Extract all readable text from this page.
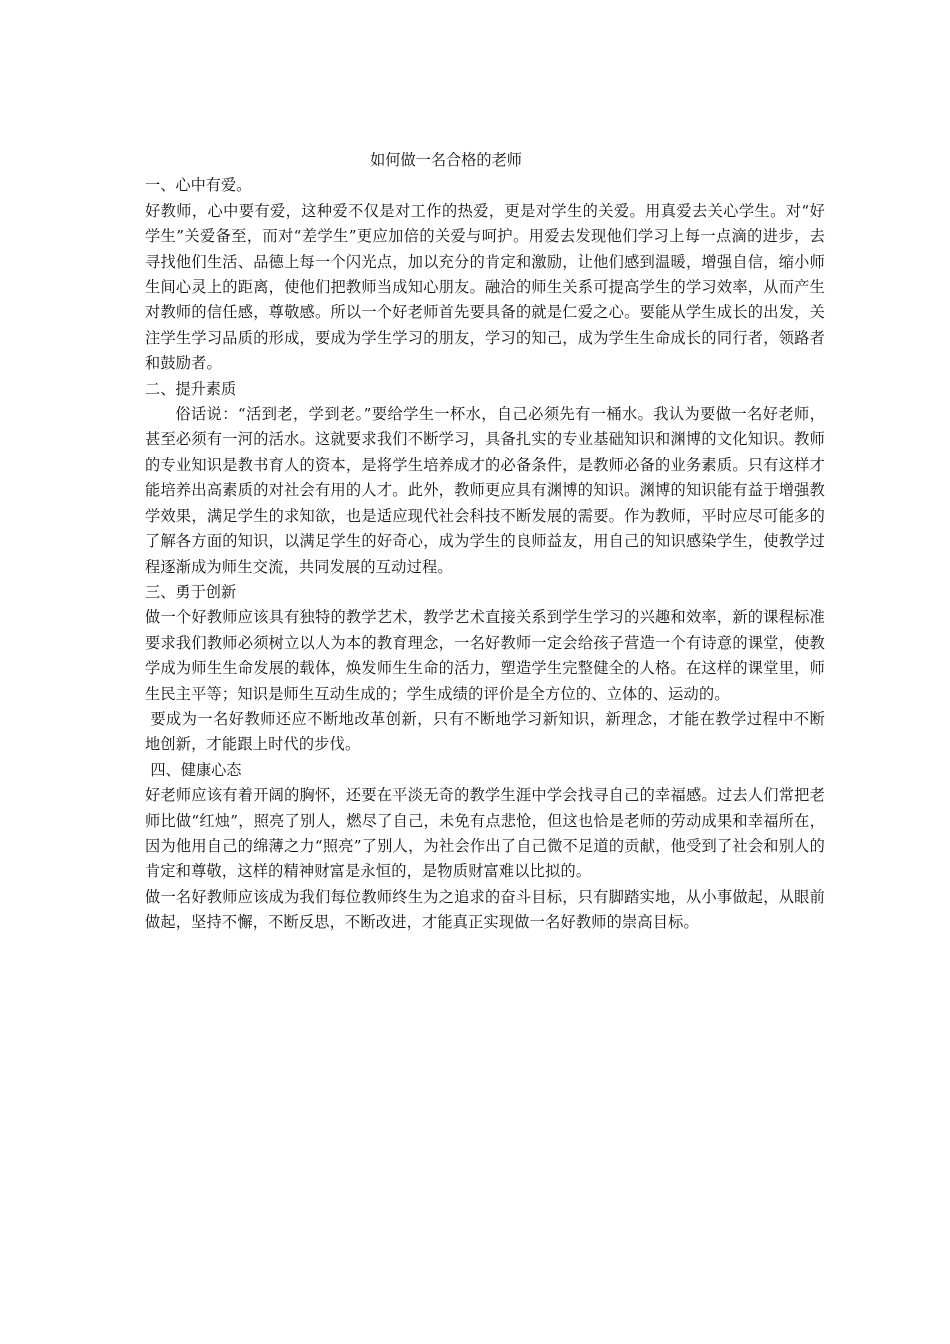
如何做一名合格的老师

一、心中有爱。

好教师，心中要有爱，这种爱不仅是对工作的热爱，更是对学生的关爱。用真爱去关心学生。对“好学生”关爱备至，而对“差学生”更应加倍的关爱与呵护。用爱去发现他们学习上每一点滴的进步，去寻找他们生活、品德上每一个闪光点，加以充分的肯定和激励，让他们感到温暖，增强自信，缩小师生间心灵上的距离，使他们把教师当成知心朋友。融洽的师生关系可提高学生的学习效率，从而产生对教师的信任感，尊敬感。所以一个好老师首先要具备的就是仁爱之心。要能从学生成长的出发，关注学生学习品质的形成，要成为学生学习的朋友，学习的知己，成为学生生命成长的同行者，领路者和鼓励者。

二、提升素质

俗话说：“活到老，学到老。”要给学生一杯水，自己必须先有一桶水。我认为要做一名好老师，甚至必须有一河的活水。这就要求我们不断学习，具备扎实的专业基础知识和渊博的文化知识。教师的专业知识是教书育人的资本，是将学生培养成才的必备条件，是教师必备的业务素质。只有这样才能培养出高素质的对社会有用的人才。此外，教师更应具有渊博的知识。渊博的知识能有益于增强教学效果，满足学生的求知欲，也是适应现代社会科技不断发展的需要。作为教师，平时应尽可能多的了解各方面的知识，以满足学生的好奇心，成为学生的良师益友，用自己的知识感染学生，使教学过程逐渐成为师生交流，共同发展的互动过程。

三、勇于创新

做一个好教师应该具有独特的教学艺术，教学艺术直接关系到学生学习的兴趣和效率，新的课程标准要求我们教师必须树立以人为本的教育理念，一名好教师一定会给孩子营造一个有诗意的课堂，使教学成为师生生命发展的载体，焕发师生生命的活力，塑造学生完整健全的人格。在这样的课堂里，师生民主平等；知识是师生互动生成的；学生成绩的评价是全方位的、立体的、运动的。

要成为一名好教师还应不断地改革创新，只有不断地学习新知识，新理念，才能在教学过程中不断地创新，才能跟上时代的步伐。

四、健康心态

好老师应该有着开阔的胸怀，还要在平淡无奇的教学生涯中学会找寻自己的幸福感。过去人们常把老师比做“红烛”，照亮了别人，燃尽了自己，未免有点悲怆，但这也恰是老师的劳动成果和幸福所在，因为他用自己的绵薄之力“照亮”了别人，为社会作出了自己微不足道的贡献，他受到了社会和别人的肯定和尊敬，这样的精神财富是永恒的，是物质财富难以比拟的。

做一名好教师应该成为我们每位教师终生为之追求的奋斗目标，只有脚踏实地，从小事做起，从眼前做起，坚持不懈，不断反思，不断改进，才能真正实现做一名好教师的崇高目标。
